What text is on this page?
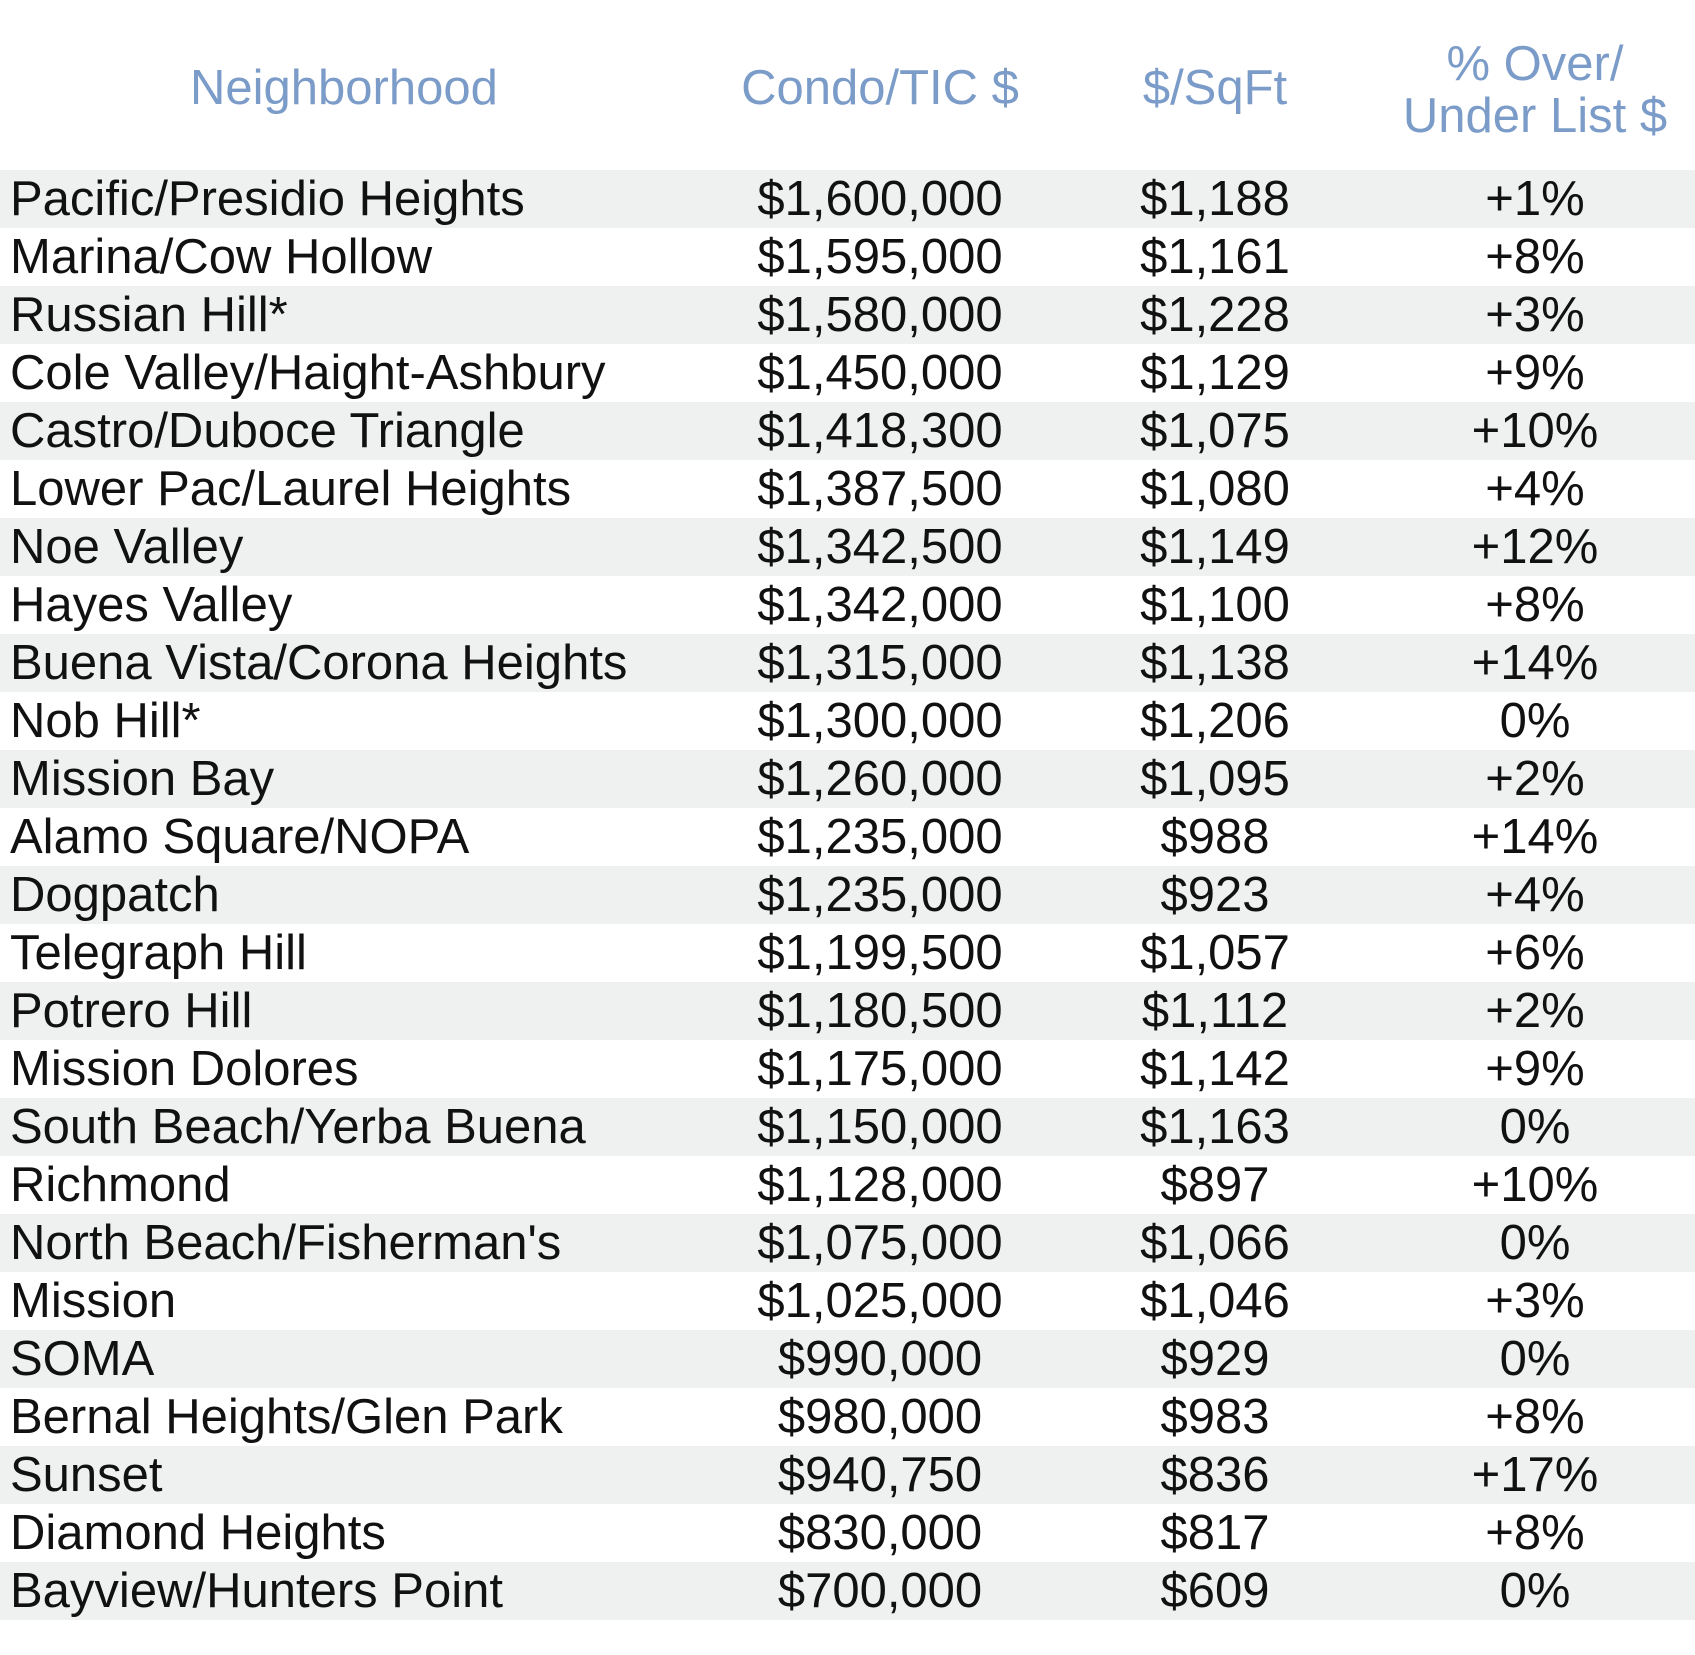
Neighborhood	Condo/TIC $	$/SqFt	% Over/
Under List $
Pacific/Presidio Heights	$1,600,000	$1,188	+1%
Marina/Cow Hollow	$1,595,000	$1,161	+8%
Russian Hill*	$1,580,000	$1,228	+3%
Cole Valley/Haight-Ashbury	$1,450,000	$1,129	+9%
Castro/Duboce Triangle	$1,418,300	$1,075	+10%
Lower Pac/Laurel Heights	$1,387,500	$1,080	+4%
Noe Valley	$1,342,500	$1,149	+12%
Hayes Valley	$1,342,000	$1,100	+8%
Buena Vista/Corona Heights	$1,315,000	$1,138	+14%
Nob Hill*	$1,300,000	$1,206	0%
Mission Bay	$1,260,000	$1,095	+2%
Alamo Square/NOPA	$1,235,000	$988	+14%
Dogpatch	$1,235,000	$923	+4%
Telegraph Hill	$1,199,500	$1,057	+6%
Potrero Hill	$1,180,500	$1,112	+2%
Mission Dolores	$1,175,000	$1,142	+9%
South Beach/Yerba Buena	$1,150,000	$1,163	0%
Richmond	$1,128,000	$897	+10%
North Beach/Fisherman's	$1,075,000	$1,066	0%
Mission	$1,025,000	$1,046	+3%
SOMA	$990,000	$929	0%
Bernal Heights/Glen Park	$980,000	$983	+8%
Sunset	$940,750	$836	+17%
Diamond Heights	$830,000	$817	+8%
Bayview/Hunters Point	$700,000	$609	0%
